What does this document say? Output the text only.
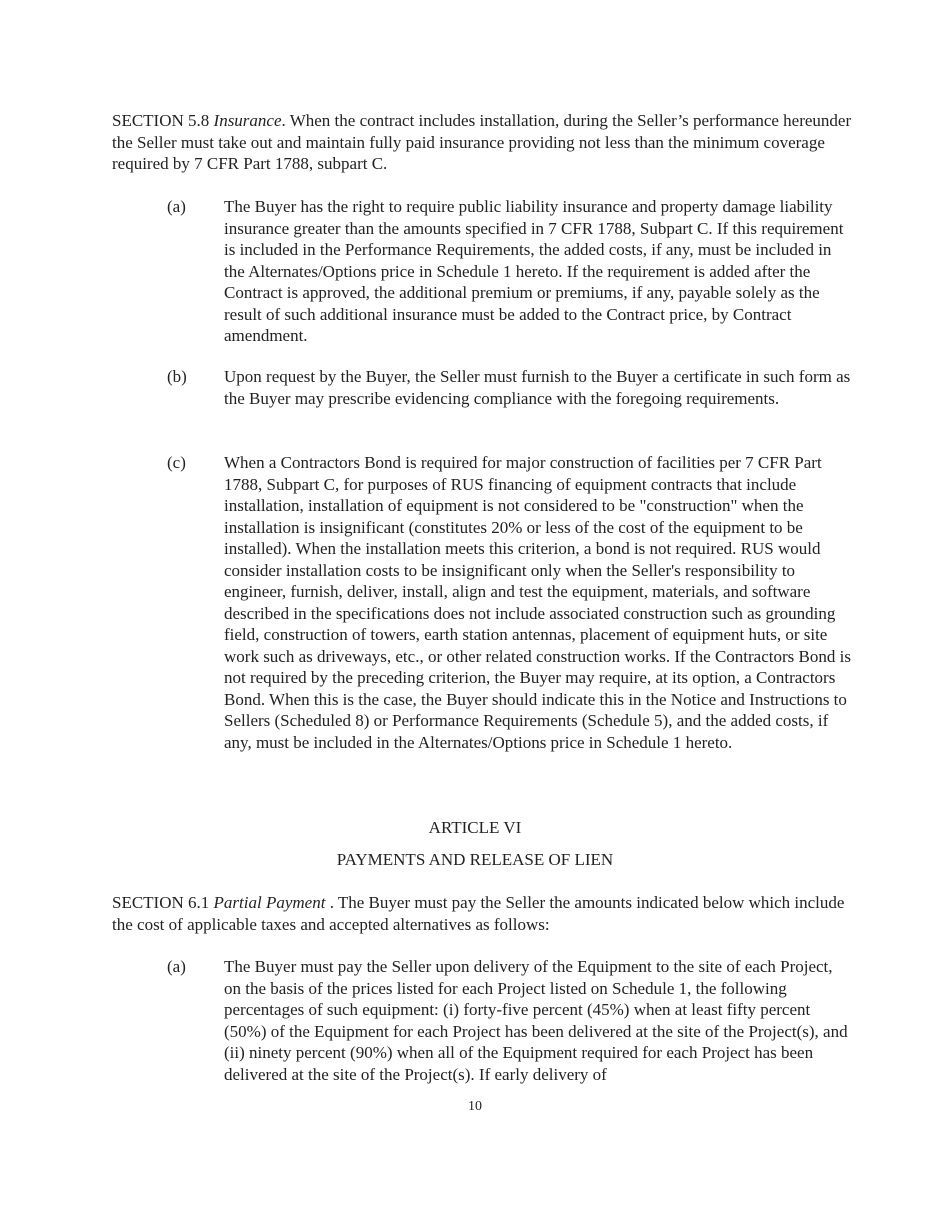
SECTION 5.8 Insurance. When the contract includes installation, during the Seller’s performance hereunder the Seller must take out and maintain fully paid insurance providing not less than the minimum coverage required by 7 CFR Part 1788, subpart C.

(a)	The Buyer has the right to require public liability insurance and property damage liability insurance greater than the amounts specified in 7 CFR 1788, Subpart C. If this requirement is included in the Performance Requirements, the added costs, if any, must be included in the Alternates/Options price in Schedule 1 hereto. If the requirement is added after the Contract is approved, the additional premium or premiums, if any, payable solely as the result of such additional insurance must be added to the Contract price, by Contract amendment.
(b)	Upon request by the Buyer, the Seller must furnish to the Buyer a certificate in such form as the Buyer may prescribe evidencing compliance with the foregoing requirements.
(c)	When a Contractors Bond is required for major construction of facilities per 7 CFR Part 1788, Subpart C, for purposes of RUS financing of equipment contracts that include installation, installation of equipment is not considered to be "construction" when the installation is insignificant (constitutes 20% or less of the cost of the equipment to be installed). When the installation meets this criterion, a bond is not required. RUS would consider installation costs to be insignificant only when the Seller's responsibility to engineer, furnish, deliver, install, align and test the equipment, materials, and software described in the specifications does not include associated construction such as grounding field, construction of towers, earth station antennas, placement of equipment huts, or site work such as driveways, etc., or other related construction works. If the Contractors Bond is not required by the preceding criterion, the Buyer may require, at its option, a Contractors Bond. When this is the case, the Buyer should indicate this in the Notice and Instructions to Sellers (Scheduled 8) or Performance Requirements (Schedule 5), and the added costs, if any, must be included in the Alternates/Options price in Schedule 1 hereto.
ARTICLE VI
PAYMENTS AND RELEASE OF LIEN

SECTION 6.1 Partial Payment . The Buyer must pay the Seller the amounts indicated below which include the cost of applicable taxes and accepted alternatives as follows:

(a)	The Buyer must pay the Seller upon delivery of the Equipment to the site of each Project, on the basis of the prices listed for each Project listed on Schedule 1, the following percentages of such equipment: (i) forty-five percent (45%) when at least fifty percent (50%) of the Equipment for each Project has been delivered at the site of the Project(s), and (ii) ninety percent (90%) when all of the Equipment required for each Project has been delivered at the site of the Project(s). If early delivery of
10
